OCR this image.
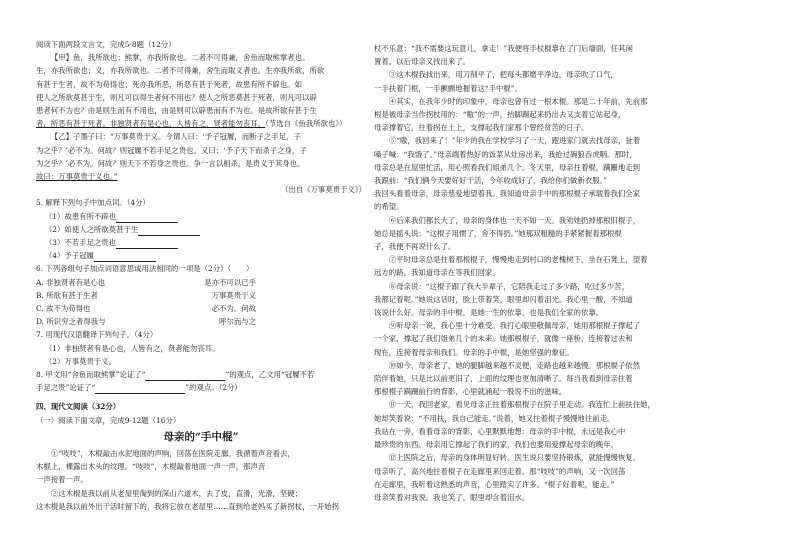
阅读下面两段文言文，完成5-8题（12分）

【甲】鱼，我所欲也；熊掌，亦我所欲也。二者不可得兼，舍鱼而取熊掌者也。
生，亦我所欲也；义，亦我所欲也。二者不可得兼，舍生而取义者也。生亦我所欲，所欲
有甚于生者，故不为苟得也；死亦我所恶，所恶有甚于死者，故患有所不辟也。如
使人之所欲莫甚于生，则凡可以得生者何不用也？使人之所恶莫甚于死者，则凡可以辟
患者何不为也？由是则生而有不用也，由是则可以辟患而有不为也。是故所欲有甚于生
者，所恶有甚于死者。非独贤者有是心也，人皆有之，贤者能勿丧耳。（节选自《鱼我所欲也》）

【乙】子墨子曰：“万事莫贵于义。今谓人曰：‘予子冠履，而断子之手足，子
为之乎？’必不为。何故？则冠履不若手足之贵也。又曰：‘予子天下而杀子之身，子
为之乎？’必不为。何故？则天下不若身之贵也。争一言以相杀，是贵义于其身也。
故曰：万事莫贵于义也。”

（出自《万事莫贵于义》）

5. 解释下列句子中加点词。（4分）

（1）故患有所不辟也

（2）如使人之所欲莫甚于生

（3）不若手足之贵也

（4）予子冠履

6. 下列各组句子加点词语意思或用法相同的一项是（2分）（　　）

A. 非独贤者有是心也	是亦不可以已乎
B. 所欲有甚于生者	万事莫贵于义
C. 故不为苟得也	必不为。何故
D. 所识穷乏者得我与	呼尔而与之

7. 用现代汉语翻译下列句子。（4分）

（1）非独贤者有是心也，人皆有之，贤者能勿丧耳。

（2）万事莫贵于义。

8. 甲文用“舍鱼而取熊掌”论证了“	”的观点，乙文用“冠履不若

手足之贵”论证了“	”的观点。（2分）

四、现代文阅读（32分）

（一）阅读下面文章，完成9-12题（16分）

母亲的“手中棍”

①“吱吱”，木棍敲击水泥地面的声响，回荡在医院走廊。我循着声音看去，
木棍上，裸露出木头的纹理。“吱吱”，木棍敲着地面一声一声，那声音
一声接着一声。

②这木棍是我以前从老屋里淘到的深山六道木，去了皮，直滑，光滑，坚硬；
这木棍是我以前外出干活时留下的，我将它放在老屋里……直到给老妈买了新拐杖，一开始拐

杖不乐意：“我不需要这玩意儿，拿走！”我便将手杖棍靠在了门后墙面，任其闲
置着。以后母亲又找出来了。
③这木棍我找出来，用刀削平了，把每头都磨平净边，母亲吹了口气，
一手扶着门框，一手颤颤地握着这“手中棍”。
④其实，在我年少时的印象中，母亲也曾有过一根木棍。那是二十年前，先前那
根是被母亲当作拐杖用的：“嗷”的一声，抬脚踢起来扔出去又支着它站起身，
母亲撑着它，拄着拐在土上，支撑起我们家那个曾经贫苦的日子。
⑤“嗷，我回来了！”年少的我在学校学习了一天，跑进家门就去找母亲，扯着
嗓子喊：“我饿了。”母亲端着热好的饭菜从灶房出来，我抢过碗狼吞虎咽。那时，
母亲总是在屋里忙活，用心照看我们姐弟几个。冬天里，母亲拄着棍，蹒跚地走到
我跟前：“我们俩今天要好好干活，今年收成好了，我给你们做新衣服。”
我回头看着母亲，母亲慈爱地望着我。我知道母亲手中的那根棍子承载着我们全家
的希望。
⑥后来我们都长大了，母亲的身体也一天不如一天。我劝她扔掉那根旧棍子，
她总是摇头说：“这棍子用惯了，舍不得扔。”她那双粗糙的手紧紧握着那根棍
子，我便不再说什么了。
⑦平时母亲总是拄着那根棍子，慢慢地走到村口的老槐树下，坐在石凳上，望着
远方的路。我知道母亲在等我们回家。
⑧母亲说：“这棍子跟了我大半辈子，它陪我走过了多少路，吃过多少苦，
我都记着呢。”她说这话时，脸上带着笑，眼里却闪着泪光。我心里一酸，不知道
该说什么好。母亲的手中棍，是她一生的依靠，也是我们全家的依靠。
⑨听母亲一说，我心里十分难受。我打心眼里敬佩母亲，她用那根棍子撑起了
一个家，撑起了我们姐弟几个的未来。她那根棍子，就像一座桥，连接着过去和
现在，连接着母亲和我们。母亲的手中棍，是她坚强的象征。
⑩如今，母亲老了，她的腿脚越来越不灵便，走路也越来越慢。那根棍子依然
陪伴着她，只是比以前更旧了，上面的纹理也更加清晰了。每当我看到母亲拄着
那根棍子蹒跚前行的背影，心里就涌起一股说不出的滋味。
⑪一天，我回老家，看见母亲正拄着那根棍子在院子里走动。我连忙上前扶住她，
她却笑着说：“不用扶，我自己能走。”说着，她又拄着棍子慢慢地往前走。
我站在一旁，看着母亲的背影，心里默默地想：母亲的手中棍，永远是我心中
最珍贵的东西。母亲用它撑起了我们的家，我们也要用爱撑起母亲的晚年。
⑫上医院之后，母亲的身体明显好转。医生说只要坚持锻炼，就能慢慢恢复。
母亲听了，高兴地拄着棍子在走廊里来回走着。那“吱吱”的声响，又一次回荡
在走廊里，我听着这熟悉的声音，心里踏实了许多。“棍子好着呢，能走。”
母亲笑着对我说。我也笑了，眼里却含着泪水。
